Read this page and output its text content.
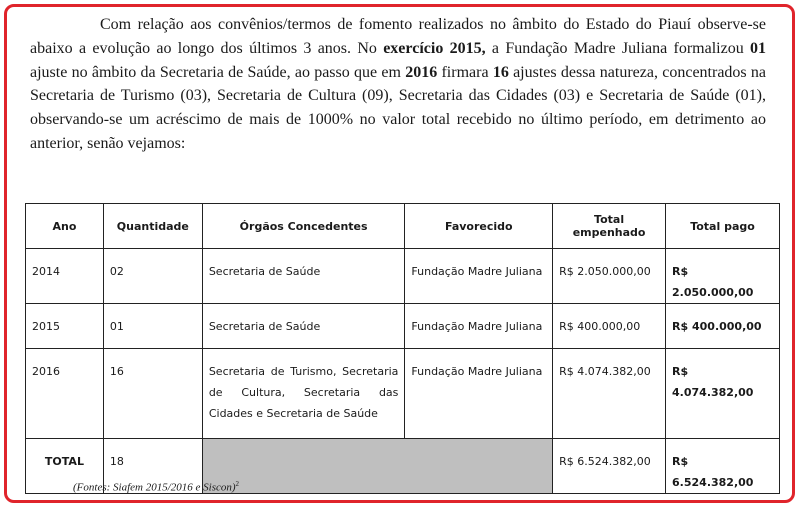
Com relação aos convênios/termos de fomento realizados no âmbito do Estado do Piauí observe-se abaixo a evolução ao longo dos últimos 3 anos. No exercício 2015, a Fundação Madre Juliana formalizou 01 ajuste no âmbito da Secretaria de Saúde, ao passo que em 2016 firmara 16 ajustes dessa natureza, concentrados na Secretaria de Turismo (03), Secretaria de Cultura (09), Secretaria das Cidades (03) e Secretaria de Saúde (01), observando-se um acréscimo de mais de 1000% no valor total recebido no último período, em detrimento ao anterior, senão vejamos:

Ano	Quantidade	Órgãos Concedentes	Favorecido	Total empenhado	Total pago
2014	02	Secretaria de Saúde	Fundação Madre Juliana	R$ 2.050.000,00	R$ 2.050.000,00
2015	01	Secretaria de Saúde	Fundação Madre Juliana	R$ 400.000,00	R$ 400.000,00
2016	16	Secretaria de Turismo, Secretaria de Cultura, Secretaria das Cidades e Secretaria de Saúde	Fundação Madre Juliana	R$ 4.074.382,00	R$ 4.074.382,00
TOTAL	18			R$ 6.524.382,00	R$ 6.524.382,00
(Fontes: Siafem 2015/2016 e Siscon)$^2$
